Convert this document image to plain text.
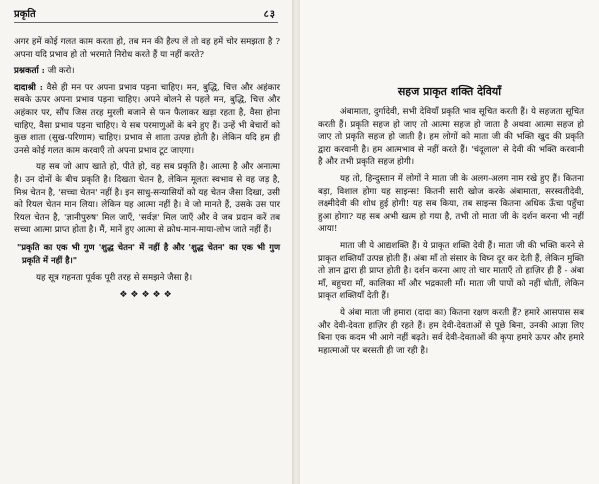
प्रकृति	८३

अगर हमें कोई गलत काम करता हो, तब मन की हैल्प लें तो वह हमें चोर समझता है ? अपना यदि प्रभाव हो तो भरमाते निरोध करते हैं या नहीं करते?

प्रश्नकर्ता : जी करो।

दादाश्री : वैसे ही मन पर अपना प्रभाव पड़ना चाहिए। मन, बुद्धि, चित्त और अहंकार सबके ऊपर अपना प्रभाव पड़ना चाहिए। अपने बोलने से पहले मन, बुद्धि, चित्त और अहंकार पर, सौंप जिस तरह मुरली बजाने से फन फैलाकर खड़ा रहता है, वैसा होना चाहिए, वैसा प्रभाव पड़ना चाहिए। ये सब परमाणुओं के बने हुए हैं। उन्हें भी बेचारों को कुछ शाता (सुख-परिणाम) चाहिए। प्रभाव से शाता उत्पन्न होती है। लेकिन यदि हम ही उनसे कोई गलत काम करवाएँ तो अपना प्रभाव टूट जाएगा।

यह सब जो आप खाते हो, पीते हो, वह सब प्रकृति है। आत्मा है और अनात्मा है। उन दोनों के बीच प्रकृति है। दिखता चेतन है, लेकिन मूलतः स्वभाव से वह जड़ है, मिश्र चेतन है, 'सच्चा चेतन' नहीं है। इन साधु-सन्यासियों को यह चेतन जैसा दिखा, उसी को रियल चेतन मान लिया। लेकिन यह आत्मा नहीं है। वे जो मानते हैं, उसके उस पार रियल चेतन है, 'ज्ञानीपुरुष' मिल जाएँ, 'सर्वज्ञ' मिल जाएँ और वे जब प्रदान करें तब सच्चा आत्मा प्राप्त होता है। मैं, मानें हुए आत्मा से क्रोध-मान-माया-लोभ जाते नहीं हैं।

"प्रकृति का एक भी गुण 'शुद्ध चेतन' में नहीं है और 'शुद्ध चेतन' का एक भी गुण प्रकृति में नहीं है।"

यह सूत्र गहनता पूर्वक पूरी तरह से समझने जैसा है।

❖❖❖❖❖
सहज प्राकृत शक्ति देवियाँ

अंबामाता, दुर्गादेवी, सभी देवियाँ प्रकृति भाव सूचित करती हैं। ये सहजता सूचित करती हैं। प्रकृति सहज हो जाए तो आत्मा सहज हो जाता है अथवा आत्मा सहज हो जाए तो प्रकृति सहज हो जाती है। हम लोगों को माता जी की भक्ति खुद की प्रकृति द्वारा करवानी है। हम आत्मभाव से नहीं करते हैं। 'चंदूलाल' से देवी की भक्ति करवानी है और तभी प्रकृति सहज होगी।

यह तो, हिन्दुस्तान में लोगों ने माता जी के अलग-अलग नाम रखे हुए हैं। कितना बड़ा, विशाल होगा यह साइन्स! कितनी सारी खोज करके अंबामाता, सरस्वतीदेवी, लक्ष्मीदेवी की शोध हुई होगी! यह सब किया, तब साइन्स कितना अधिक ऊँचा पहुँचा हुआ होगा? यह सब अभी खत्म हो गया है, तभी तो माता जी के दर्शन करना भी नहीं आया!

माता जी ये आद्यशक्ति हैं। ये प्राकृत शक्ति देवी हैं। माता जी की भक्ति करने से प्राकृत शक्तियाँ उत्पन्न होती हैं। अंबा माँ तो संसार के विघ्न दूर कर देती हैं, लेकिन मुक्ति तो ज्ञान द्वारा ही प्राप्त होती है। दर्शन करना आए तो चार माताएँ तो हाज़िर ही हैं - अंबा माँ, बहुचरा माँ, कालिका माँ और भद्रकाली माँ। माता जी पापों को नहीं धोतीं, लेकिन प्राकृत शक्तियाँ देती हैं।

ये अंबा माता जी हमारा (दादा का) कितना रक्षण करती हैं? हमारे आसपास सब और देवी-देवता हाज़िर ही रहते हैं। हम देवी-देवताओं से पूछे बिना, उनकी आज्ञा लिए बिना एक कदम भी आगे नहीं बढ़ते। सर्व देवी-देवताओं की कृपा हमारे ऊपर और हमारे महात्माओं पर बरसती ही जा रही है।
